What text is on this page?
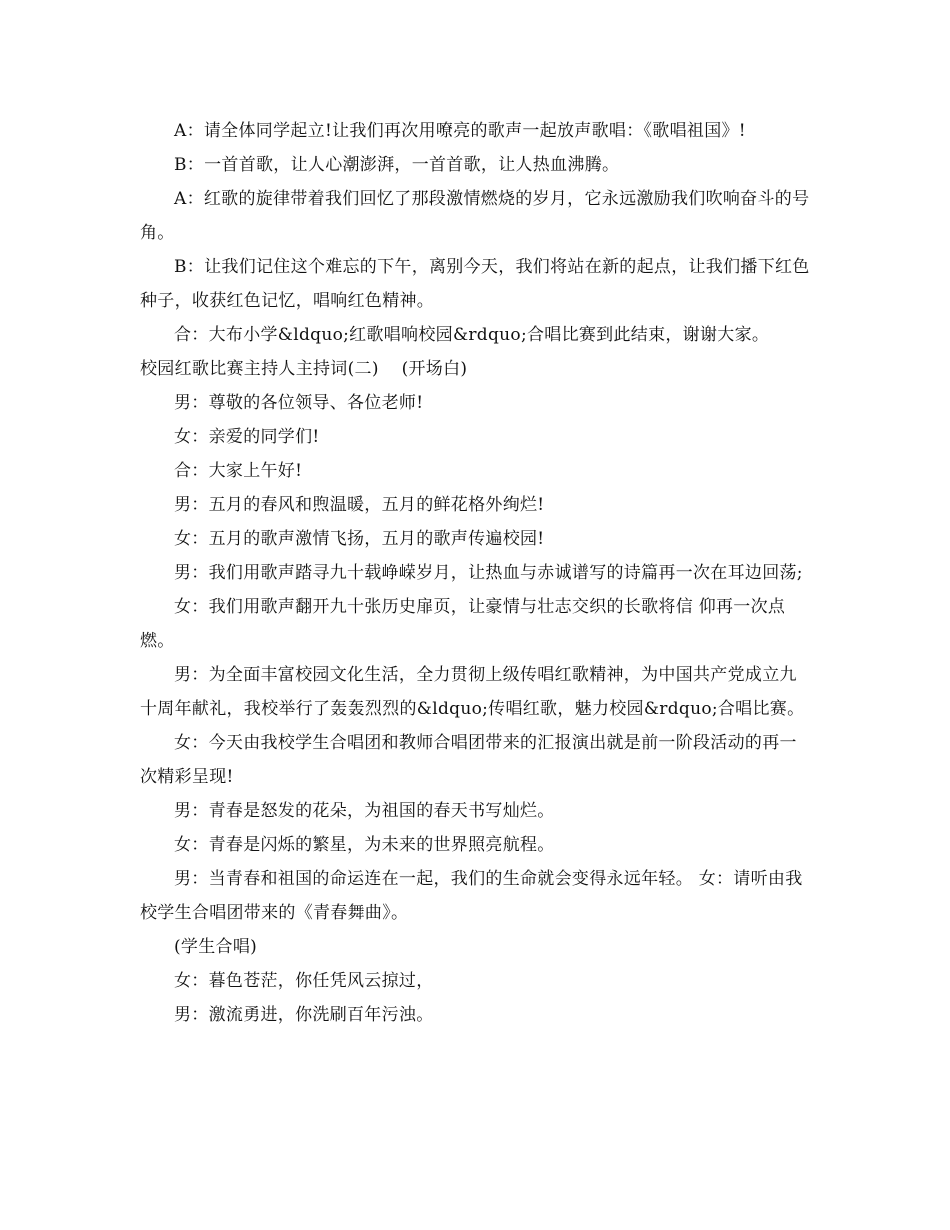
A：请全体同学起立!让我们再次用嘹亮的歌声一起放声歌唱：《歌唱祖国》!

B：一首首歌，让人心潮澎湃，一首首歌，让人热血沸腾。

A：红歌的旋律带着我们回忆了那段激情燃烧的岁月，它永远激励我们吹响奋斗的号角。

B：让我们记住这个难忘的下午，离别今天，我们将站在新的起点，让我们播下红色种子，收获红色记忆，唱响红色精神。

合：大布小学&ldquo;红歌唱响校园&rdquo;合唱比赛到此结束，谢谢大家。

校园红歌比赛主持人主持词(二)    (开场白)

男：尊敬的各位领导、各位老师!

女：亲爱的同学们!

合：大家上午好!

男：五月的春风和煦温暖，五月的鲜花格外绚烂!

女：五月的歌声激情飞扬，五月的歌声传遍校园!

男：我们用歌声踏寻九十载峥嵘岁月，让热血与赤诚谱写的诗篇再一次在耳边回荡;

女：我们用歌声翻开九十张历史扉页，让豪情与壮志交织的长歌将信 仰再一次点燃。

男：为全面丰富校园文化生活，全力贯彻上级传唱红歌精神，为中国共产党成立九十周年献礼，我校举行了轰轰烈烈的&ldquo;传唱红歌，魅力校园&rdquo;合唱比赛。

女：今天由我校学生合唱团和教师合唱团带来的汇报演出就是前一阶段活动的再一次精彩呈现!

男：青春是怒发的花朵，为祖国的春天书写灿烂。

女：青春是闪烁的繁星，为未来的世界照亮航程。

男：当青春和祖国的命运连在一起，我们的生命就会变得永远年轻。 女：请听由我校学生合唱团带来的《青春舞曲》。

(学生合唱)

女：暮色苍茫，你任凭风云掠过，

男：激流勇进，你洗刷百年污浊。
